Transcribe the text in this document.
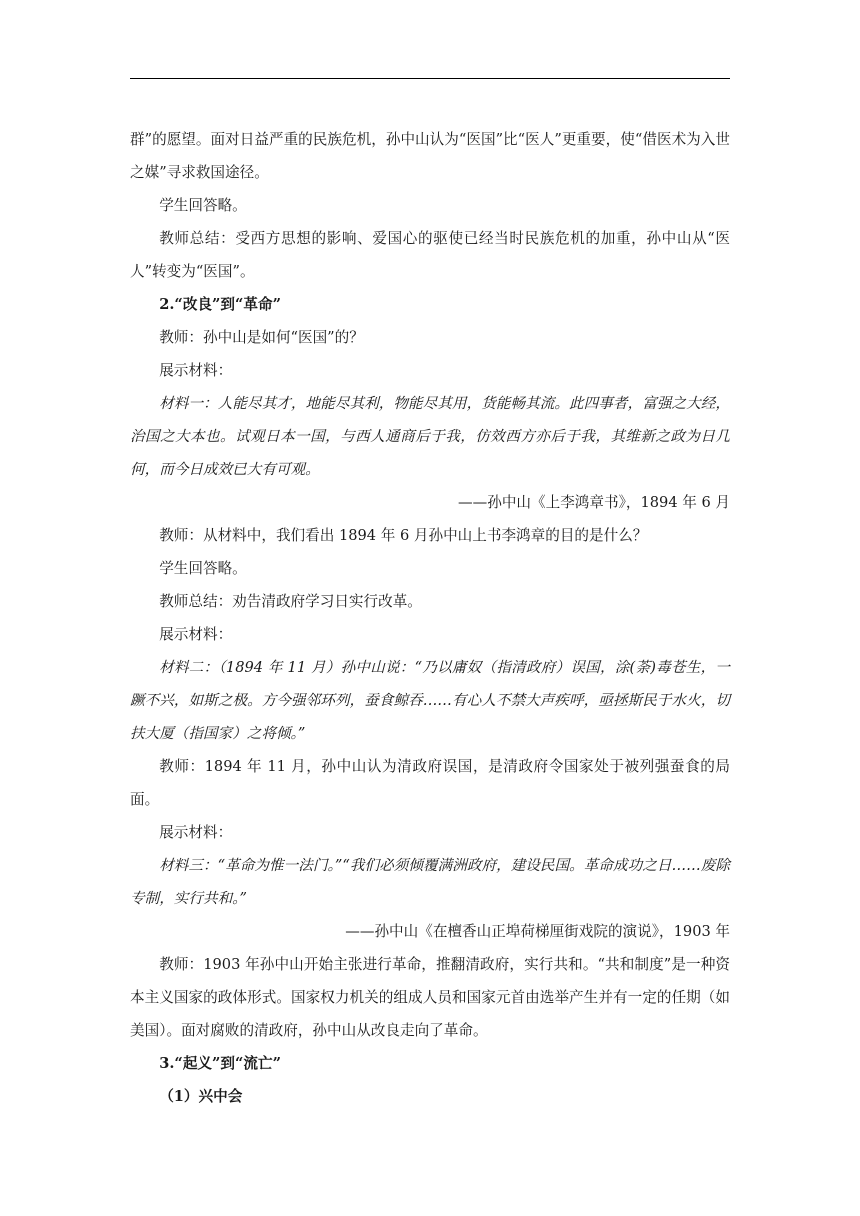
群”的愿望。面对日益严重的民族危机，孙中山认为“医国”比“医人”更重要，使“借医术为入世之媒”寻求救国途径。

学生回答略。

教师总结：受西方思想的影响、爱国心的驱使已经当时民族危机的加重，孙中山从“医人”转变为“医国”。

2.“改良”到“革命”

教师：孙中山是如何“医国”的？

展示材料：

材料一：人能尽其才，地能尽其利，物能尽其用，货能畅其流。此四事者，富强之大经，治国之大本也。试观日本一国，与西人通商后于我，仿效西方亦后于我，其维新之政为日几何，而今日成效已大有可观。

——孙中山《上李鸿章书》，1894 年 6 月

教师：从材料中，我们看出 1894 年 6 月孙中山上书李鸿章的目的是什么？

学生回答略。

教师总结：劝告清政府学习日实行改革。

展示材料：

材料二：（1894 年 11 月）孙中山说：“乃以庸奴（指清政府）误国，涂(荼)毒苍生，一蹶不兴，如斯之极。方今强邻环列，蚕食鲸吞……有心人不禁大声疾呼，亟拯斯民于水火，切扶大厦（指国家）之将倾。”

教师：1894 年 11 月，孙中山认为清政府误国，是清政府令国家处于被列强蚕食的局面。

展示材料：

材料三：“革命为惟一法门。”“我们必须倾覆满洲政府，建设民国。革命成功之日……废除专制，实行共和。”

——孙中山《在檀香山正埠荷梯厘街戏院的演说》，1903 年

教师：1903 年孙中山开始主张进行革命，推翻清政府，实行共和。“共和制度”是一种资本主义国家的政体形式。国家权力机关的组成人员和国家元首由选举产生并有一定的任期（如美国）。面对腐败的清政府，孙中山从改良走向了革命。

3.“起义”到“流亡”

（1）兴中会
